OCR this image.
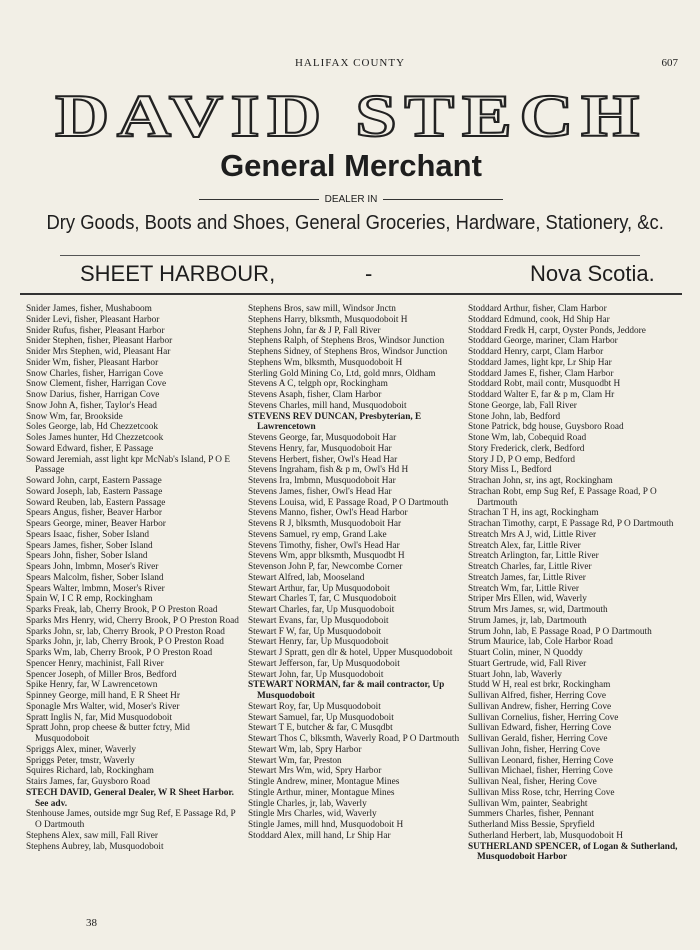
HALIFAX COUNTY	607
DAVID STECH
General Merchant
DEALER IN
Dry Goods, Boots and Shoes, General Groceries, Hardware, Stationery, &c.
SHEET HARBOUR,	-	Nova Scotia.
Snider James, fisher, Mushaboom
Snider Levi, fisher, Pleasant Harbor
Snider Rufus, fisher, Pleasant Harbor
Snider Stephen, fisher, Pleasant Harbor
Snider Mrs Stephen, wid, Pleasant Har
Snider Wm, fisher, Pleasant Harbor
Snow Charles, fisher, Harrigan Cove
Snow Clement, fisher, Harrigan Cove
Snow Darius, fisher, Harrigan Cove
Snow John A, fisher, Taylor's Head
Snow Wm, far, Brookside
Soles George, lab, Hd Chezzetcook
Soles James hunter, Hd Chezzetcook
Soward Edward, fisher, E Passage
Soward Jeremiah, asst light kpr McNab's Island, P O E Passage
Soward John, carpt, Eastern Passage
Soward Joseph, lab, Eastern Passage
Soward Reuben, lab, Eastern Passage
Spears Angus, fisher, Beaver Harbor
Spears George, miner, Beaver Harbor
Spears Isaac, fisher, Sober Island
Spears James, fisher, Sober Island
Spears John, fisher, Sober Island
Spears John, lmbmn, Moser's River
Spears Malcolm, fisher, Sober Island
Spears Walter, lmbmn, Moser's River
Spain W, I C R emp, Rockingham
Sparks Freak, lab, Cherry Brook, P O Preston Road
Sparks Mrs Henry, wid, Cherry Brook, P O Preston Road
Sparks John, sr, lab, Cherry Brook, P O Preston Road
Sparks John, jr, lab, Cherry Brook, P O Preston Road
Sparks Wm, lab, Cherry Brook, P O Preston Road
Spencer Henry, machinist, Fall River
Spencer Joseph, of Miller Bros, Bedford
Spike Henry, far, W Lawrencetown
Spinney George, mill hand, E R Sheet Hr
Sponagle Mrs Walter, wid, Moser's River
Spratt Inglis N, far, Mid Musquodoboit
Spratt John, prop cheese & butter fctry, Mid Musquodoboit
Spriggs Alex, miner, Waverly
Spriggs Peter, tmstr, Waverly
Squires Richard, lab, Rockingham
Stairs James, far, Guysboro Road
STECH DAVID, General Dealer, W R Sheet Harbor. See adv.
Stenhouse James, outside mgr Sug Ref, E Passage Rd, P O Dartmouth
Stephens Alex, saw mill, Fall River
Stephens Aubrey, lab, Musquodoboit
Stephens Bros, saw mill, Windsor Jnctn
Stephens Harry, blksmth, Musquodoboit H
Stephens John, far & J P, Fall River
Stephens Ralph, of Stephens Bros, Windsor Junction
Stephens Sidney, of Stephens Bros, Windsor Junction
Stephens Wm, blksmth, Musquodoboit H
Sterling Gold Mining Co, Ltd, gold mnrs, Oldham
Stevens A C, telgph opr, Rockingham
Stevens Asaph, fisher, Clam Harbor
Stevens Charles, mill hand, Musquodoboit
STEVENS REV DUNCAN, Presbyterian, E Lawrencetown
Stevens George, far, Musquodoboit Har
Stevens Henry, far, Musquodoboit Har
Stevens Herbert, fisher, Owl's Head Har
Stevens Ingraham, fish & p m, Owl's Hd H
Stevens Ira, lmbmn, Musquodoboit Har
Stevens James, fisher, Owl's Head Har
Stevens Louisa, wid, E Passage Road, P O Dartmouth
Stevens Manno, fisher, Owl's Head Harbor
Stevens R J, blksmth, Musquodoboit Har
Stevens Samuel, ry emp, Grand Lake
Stevens Timothy, fisher, Owl's Head Har
Stevens Wm, appr blksmth, Musquodbt H
Stevenson John P, far, Newcombe Corner
Stewart Alfred, lab, Mooseland
Stewart Arthur, far, Up Musquodoboit
Stewart Charles T, far, C Musquodoboit
Stewart Charles, far, Up Musquodoboit
Stewart Evans, far, Up Musquodoboit
Stewart F W, far, Up Musquodoboit
Stewart Henry, far, Up Musquodoboit
Stewart J Spratt, gen dlr & hotel, Upper Musquodoboit
Stewart Jefferson, far, Up Musquodoboit
Stewart John, far, Up Musquodoboit
STEWART NORMAN, far & mail contractor, Up Musquodoboit
Stewart Roy, far, Up Musquodoboit
Stewart Samuel, far, Up Musquodoboit
Stewart T E, butcher & far, C Musqdbt
Stewart Thos C, blksmth, Waverly Road, P O Dartmouth
Stewart Wm, lab, Spry Harbor
Stewart Wm, far, Preston
Stewart Mrs Wm, wid, Spry Harbor
Stingle Andrew, miner, Montague Mines
Stingle Arthur, miner, Montague Mines
Stingle Charles, jr, lab, Waverly
Stingle Mrs Charles, wid, Waverly
Stingle James, mill hnd, Musquodoboit H
Stoddard Alex, mill hand, Lr Ship Har
Stoddard Arthur, fisher, Clam Harbor
Stoddard Edmund, cook, Hd Ship Har
Stoddard Fredk H, carpt, Oyster Ponds, Jeddore
Stoddard George, mariner, Clam Harbor
Stoddard Henry, carpt, Clam Harbor
Stoddard James, light kpr, Lr Ship Har
Stoddard James E, fisher, Clam Harbor
Stoddard Robt, mail contr, Musquodbt H
Stoddard Walter E, far & p m, Clam Hr
Stone George, lab, Fall River
Stone John, lab, Bedford
Stone Patrick, bdg house, Guysboro Road
Stone Wm, lab, Cobequid Road
Story Frederick, clerk, Bedford
Story J D, P O emp, Bedford
Story Miss L, Bedford
Strachan John, sr, ins agt, Rockingham
Strachan Robt, emp Sug Ref, E Passage Road, P O Dartmouth
Strachan T H, ins agt, Rockingham
Strachan Timothy, carpt, E Passage Rd, P O Dartmouth
Streatch Mrs A J, wid, Little River
Streatch Alex, far, Little River
Streatch Arlington, far, Little River
Streatch Charles, far, Little River
Streatch James, far, Little River
Streatch Wm, far, Little River
Striper Mrs Ellen, wid, Waverly
Strum Mrs James, sr, wid, Dartmouth
Strum James, jr, lab, Dartmouth
Strum John, lab, E Passage Road, P O Dartmouth
Strum Maurice, lab, Cole Harbor Road
Stuart Colin, miner, N Quoddy
Stuart Gertrude, wid, Fall River
Stuart John, lab, Waverly
Studd W H, real est brkr, Rockingham
Sullivan Alfred, fisher, Herring Cove
Sullivan Andrew, fisher, Herring Cove
Sullivan Cornelius, fisher, Herring Cove
Sullivan Edward, fisher, Herring Cove
Sullivan Gerald, fisher, Herring Cove
Sullivan John, fisher, Herring Cove
Sullivan Leonard, fisher, Herring Cove
Sullivan Michael, fisher, Herring Cove
Sullivan Neal, fisher, Hering Cove
Sullivan Miss Rose, tchr, Herring Cove
Sullivan Wm, painter, Seabright
Summers Charles, fisher, Pennant
Sutherland Miss Bessie, Spryfield
Sutherland Herbert, lab, Musquodoboit H
SUTHERLAND SPENCER, of Logan & Sutherland, Musquodoboit Harbor
38
